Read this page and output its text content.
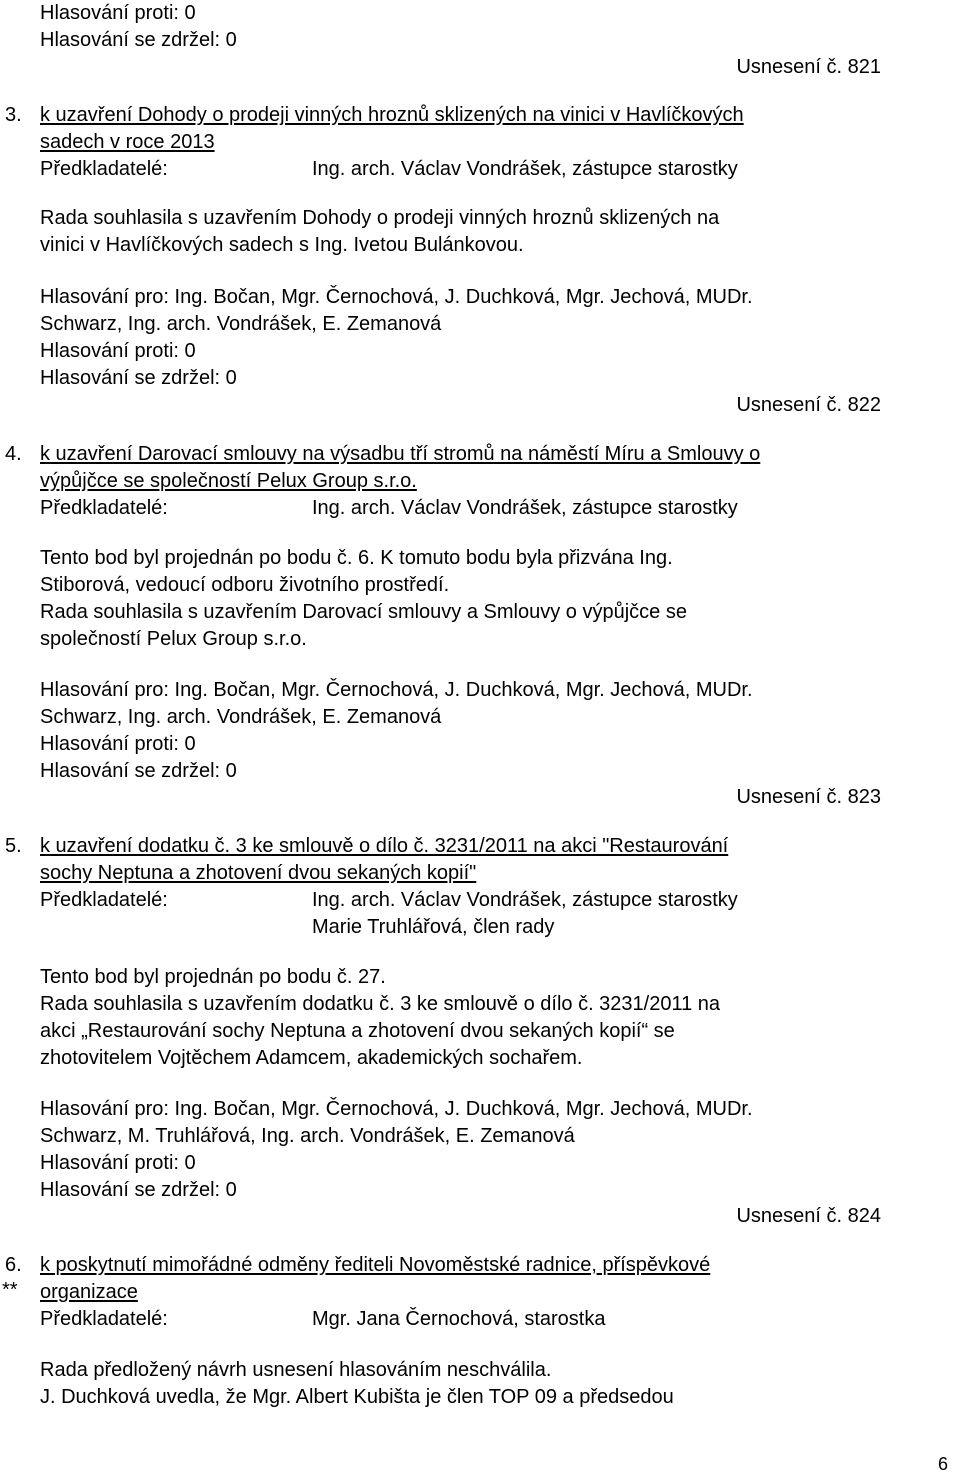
Hlasování proti: 0
Hlasování se zdržel: 0
Usnesení č. 821
3. k uzavření Dohody o prodeji vinných hroznů sklizených na vinici v Havlíčkových
sadech v roce 2013
Předkladatelé:	Ing. arch. Václav Vondrášek, zástupce starostky
Rada souhlasila s uzavřením Dohody o prodeji vinných hroznů sklizených na
vinici v Havlíčkových sadech s Ing. Ivetou Bulánkovou.
Hlasování pro: Ing. Bočan, Mgr. Černochová, J. Duchková, Mgr. Jechová, MUDr.
Schwarz, Ing. arch. Vondrášek, E. Zemanová
Hlasování proti: 0
Hlasování se zdržel: 0
Usnesení č. 822
4. k uzavření Darovací smlouvy na výsadbu tří stromů na náměstí Míru a Smlouvy o
výpůjčce se společností Pelux Group s.r.o.
Předkladatelé:	Ing. arch. Václav Vondrášek, zástupce starostky
Tento bod byl projednán po bodu č. 6. K tomuto bodu byla přizvána Ing.
Stiborová, vedoucí odboru životního prostředí.
Rada souhlasila s uzavřením Darovací smlouvy a Smlouvy o výpůjčce se
společností Pelux Group s.r.o.
Hlasování pro: Ing. Bočan, Mgr. Černochová, J. Duchková, Mgr. Jechová, MUDr.
Schwarz, Ing. arch. Vondrášek, E. Zemanová
Hlasování proti: 0
Hlasování se zdržel: 0
Usnesení č. 823
5. k uzavření dodatku č. 3 ke smlouvě o dílo č. 3231/2011 na akci "Restaurování
sochy Neptuna a zhotovení dvou sekaných kopií"
Předkladatelé:	Ing. arch. Václav Vondrášek, zástupce starostky
Marie Truhlářová, člen rady
Tento bod byl projednán po bodu č. 27.
Rada souhlasila s uzavřením dodatku č. 3 ke smlouvě o dílo č. 3231/2011 na
akci „Restaurování sochy Neptuna a zhotovení dvou sekaných kopií“ se
zhotovitelem Vojtěchem Adamcem, akademických sochařem.
Hlasování pro: Ing. Bočan, Mgr. Černochová, J. Duchková, Mgr. Jechová, MUDr.
Schwarz, M. Truhlářová, Ing. arch. Vondrášek, E. Zemanová
Hlasování proti: 0
Hlasování se zdržel: 0
Usnesení č. 824
6.
**
k poskytnutí mimořádné odměny řediteli Novoměstské radnice, příspěvkové
organizace
Předkladatelé:	Mgr. Jana Černochová, starostka
Rada předložený návrh usnesení hlasováním neschválila.
J. Duchková uvedla, že Mgr. Albert Kubišta je člen TOP 09 a předsedou
6
